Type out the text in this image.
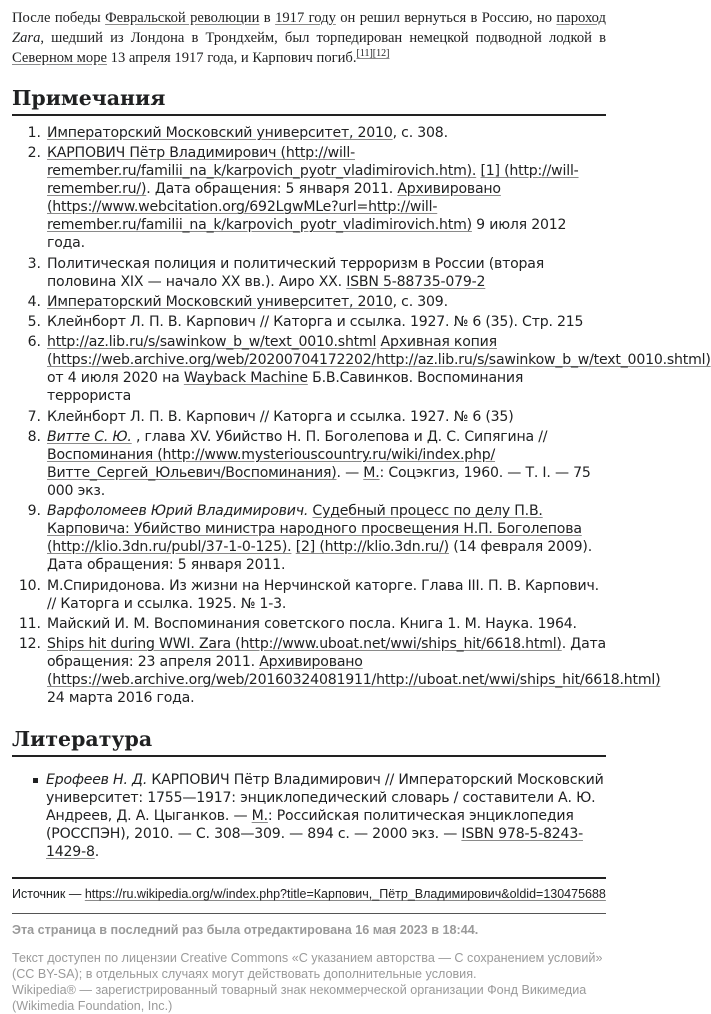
После победы Февральской революции в 1917 году он решил вернуться в Россию, но пароход Zara, шедший из Лондона в Трондхейм, был торпедирован немецкой подводной лодкой в Северном море 13 апреля 1917 года, и Карпович погиб.[11][12]

Примечания
1. Императорский Московский университет, 2010, с. 308.
2. КАРПОВИЧ Пётр Владимирович (http://will-remember.ru/familii_na_k/karpovich_pyotr_vladimirovich.htm). [1] (http://will-remember.ru/). Дата обращения: 5 января 2011. Архивировано (https://www.webcitation.org/692LgwMLe?url=http://will-remember.ru/familii_na_k/karpovich_pyotr_vladimirovich.htm) 9 июля 2012 года.
3. Политическая полиция и политический терроризм в России (вторая половина XIX — начало XX вв.). Аиро XX. ISBN 5-88735-079-2
4. Императорский Московский университет, 2010, с. 309.
5. Клейнборт Л. П. В. Карпович // Каторга и ссылка. 1927. № 6 (35). Стр. 215
6. http://az.lib.ru/s/sawinkow_b_w/text_0010.shtml Архивная копия (https://web.archive.org/web/20200704172202/http://az.lib.ru/s/sawinkow_b_w/text_0010.shtml) от 4 июля 2020 на Wayback Machine Б.В.Савинков. Воспоминания террориста
7. Клейнборт Л. П. В. Карпович // Каторга и ссылка. 1927. № 6 (35)
8. Витте С. Ю. , глава XV. Убийство Н. П. Боголепова и Д. С. Сипягина // Воспоминания (http://www.mysteriouscountry.ru/wiki/index.php/Витте_Сергей_Юльевич/Воспоминания). — М.: Соцэкгиз, 1960. — Т. I. — 75 000 экз.
9. Варфоломеев Юрий Владимирович. Судебный процесс по делу П.В. Карповича: Убийство министра народного просвещения Н.П. Боголепова (http://klio.3dn.ru/publ/37-1-0-125). [2] (http://klio.3dn.ru/) (14 февраля 2009). Дата обращения: 5 января 2011.
10. М.Спиридонова. Из жизни на Нерчинской каторге. Глава III. П. В. Карпович. // Каторга и ссылка. 1925. № 1-3.
11. Майский И. М. Воспоминания советского посла. Книга 1. М. Наука. 1964.
12. Ships hit during WWI. Zara (http://www.uboat.net/wwi/ships_hit/6618.html). Дата обращения: 23 апреля 2011. Архивировано (https://web.archive.org/web/20160324081911/http://uboat.net/wwi/ships_hit/6618.html) 24 марта 2016 года.
Литература
Ерофеев Н. Д. КАРПОВИЧ Пётр Владимирович // Императорский Московский университет: 1755—1917: энциклопедический словарь / составители А. Ю. Андреев, Д. А. Цыганков. — М.: Российская политическая энциклопедия (РОССПЭН), 2010. — С. 308—309. — 894 с. — 2000 экз. — ISBN 978-5-8243-1429-8.
Источник — https://ru.wikipedia.org/w/index.php?title=Карпович,_Пётр_Владимирович&oldid=130475688
Эта страница в последний раз была отредактирована 16 мая 2023 в 18:44.
Текст доступен по лицензии Creative Commons «С указанием авторства — С сохранением условий» (CC BY-SA); в отдельных случаях могут действовать дополнительные условия.
Wikipedia® — зарегистрированный товарный знак некоммерческой организации Фонд Викимедиа (Wikimedia Foundation, Inc.)
